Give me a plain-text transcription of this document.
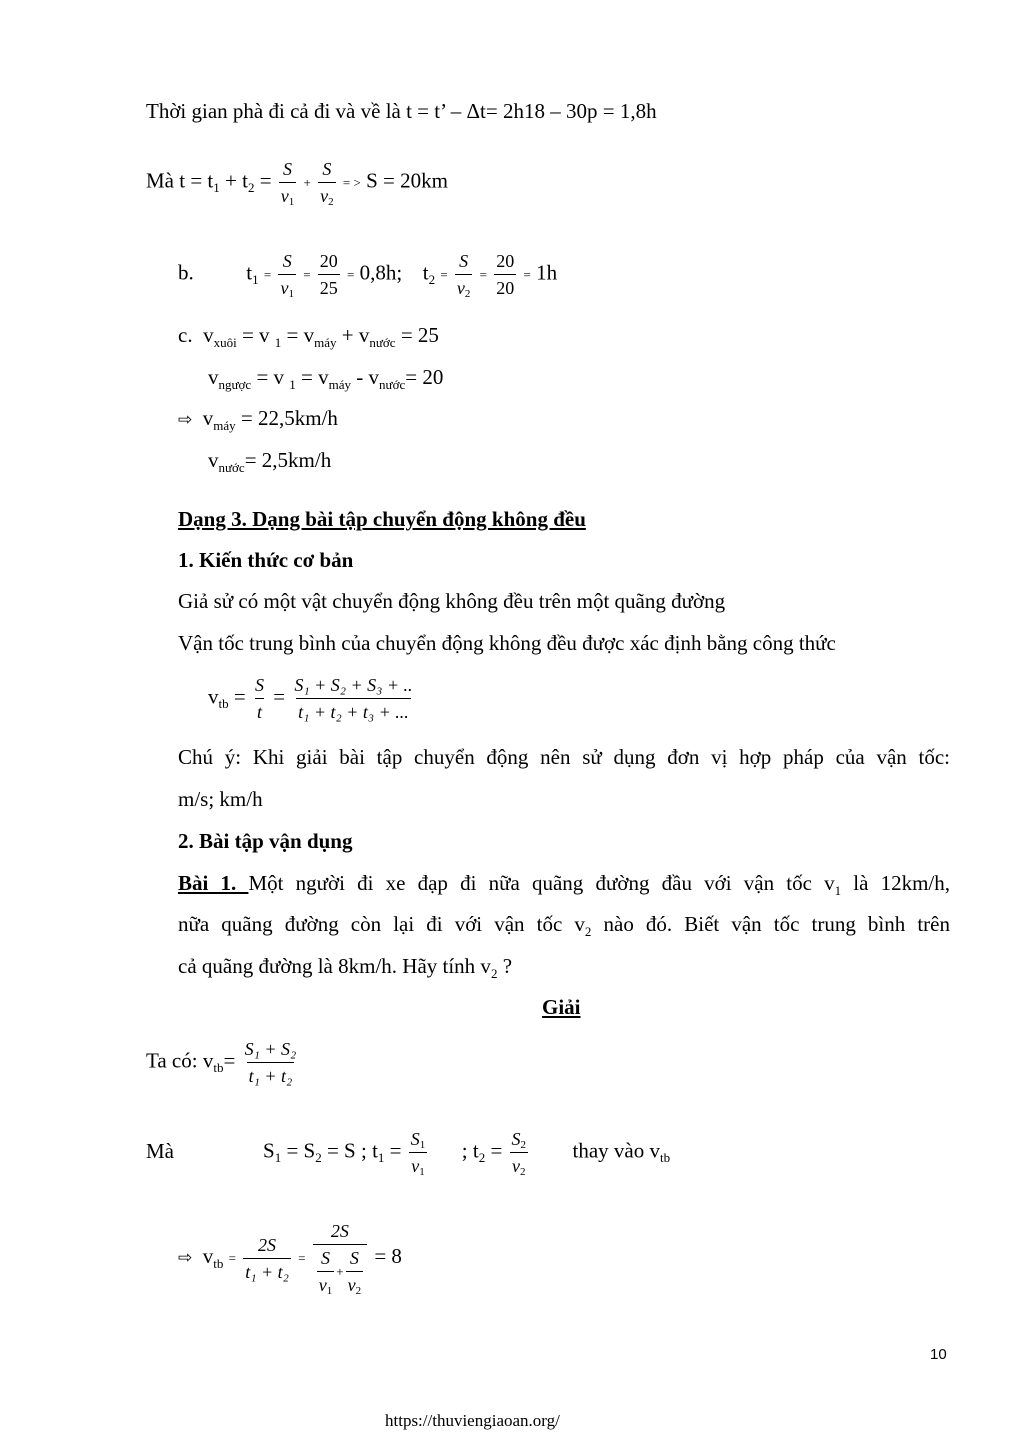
Thời gian phà đi cả đi và về là t = t’ – Δt= 2h18 – 30p = 1,8h
Mà $t = t_1 + t_2 = \frac{S}{v1} + \frac{S}{v2}$ = > S = 20km
b.	$t_1 = \frac{S}{v1} = \frac{20}{25} = 0,8h$; $t_2 = \frac{S}{v2} = \frac{20}{20} = 1h$
c. $v_{xuôi} = v$ $_1 = v_{máy} + v_{nước} = 25$
$v_{ngược} = v$ $_1 = v_{máy} - v_{nước}= 20$
⇨ $v_{máy} = 22,5km/h$
$v_{nước}= 2,5km/h$
Dạng 3. Dạng bài tập chuyển động không đều
1. Kiến thức cơ bản
Giả sử có một vật chuyển động không đều trên một quãng đường
Vận tốc trung bình của chuyển động không đều được xác định bằng công thức
$v_{tb} = \frac{S}{t} = \frac{\text{S₁ + S₂ + S₃ + ..}}{\text{t₁ + t₂ + t₃ + ...}}$
Chú ý: Khi giải bài tập chuyển động nên sử dụng đơn vị hợp pháp của vận tốc:
m/s; km/h
2. Bài tập vận dụng
Bài 1. Một người đi xe đạp đi nữa quãng đường đầu với vận tốc $v_1$ là 12km/h,
nữa quãng đường còn lại đi với vận tốc $v_2$ nào đó. Biết vận tốc trung bình trên
cả quãng đường là 8km/h. Hãy tính $v_2$ ?
Giải
Ta có: $v_{tb}= \frac{\text{S₁ + S₂}}{\text{t₁ + t₂}}$
Mà	$S_1 = S_2 = S$ ; $t_1 = \frac{S1}{v1}$ ; $t_2 = \frac{S2}{v2}$ thay vào $v_{tb}$
⇨ $v_{tb} = \frac{2S}{\text{t₁ + t₂}} = \frac{2S}{\frac{S}{v1} + \frac{S}{v2}} = 8$
10
https://thuviengiaoan.org/
